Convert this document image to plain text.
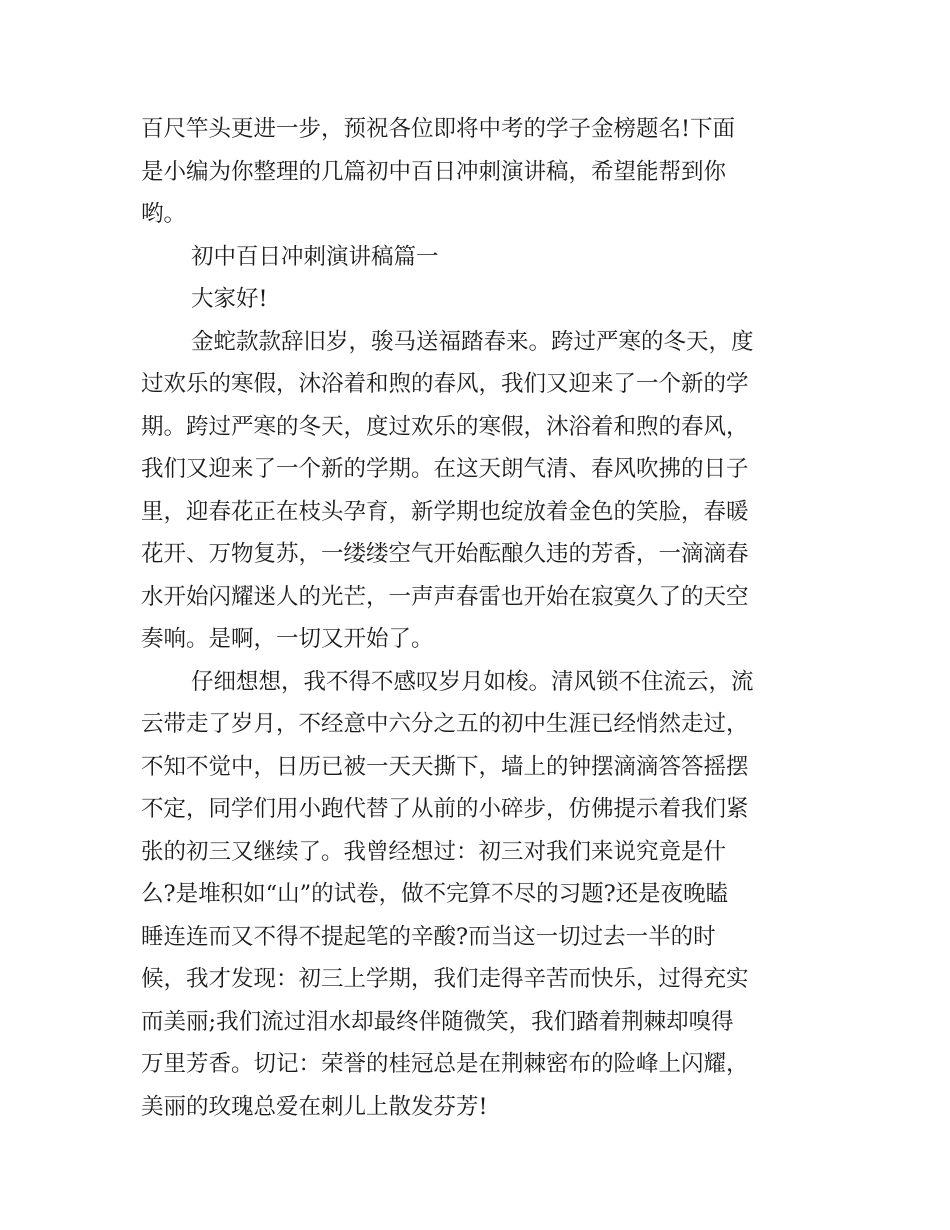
百尺竿头更进一步，预祝各位即将中考的学子金榜题名!下面
是小编为你整理的几篇初中百日冲刺演讲稿，希望能帮到你
哟。
初中百日冲刺演讲稿篇一
大家好!
金蛇款款辞旧岁，骏马送福踏春来。跨过严寒的冬天，度
过欢乐的寒假，沐浴着和煦的春风，我们又迎来了一个新的学
期。跨过严寒的冬天，度过欢乐的寒假，沐浴着和煦的春风，
我们又迎来了一个新的学期。在这天朗气清、春风吹拂的日子
里，迎春花正在枝头孕育，新学期也绽放着金色的笑脸，春暖
花开、万物复苏，一缕缕空气开始酝酿久违的芳香，一滴滴春
水开始闪耀迷人的光芒，一声声春雷也开始在寂寞久了的天空
奏响。是啊，一切又开始了。
仔细想想，我不得不感叹岁月如梭。清风锁不住流云，流
云带走了岁月，不经意中六分之五的初中生涯已经悄然走过，
不知不觉中，日历已被一天天撕下，墙上的钟摆滴滴答答摇摆
不定，同学们用小跑代替了从前的小碎步，仿佛提示着我们紧
张的初三又继续了。我曾经想过：初三对我们来说究竟是什
么?是堆积如“山”的试卷，做不完算不尽的习题?还是夜晚瞌
睡连连而又不得不提起笔的辛酸?而当这一切过去一半的时
候，我才发现：初三上学期，我们走得辛苦而快乐，过得充实
而美丽;我们流过泪水却最终伴随微笑，我们踏着荆棘却嗅得
万里芳香。切记：荣誉的桂冠总是在荆棘密布的险峰上闪耀，
美丽的玫瑰总爱在刺儿上散发芬芳!
